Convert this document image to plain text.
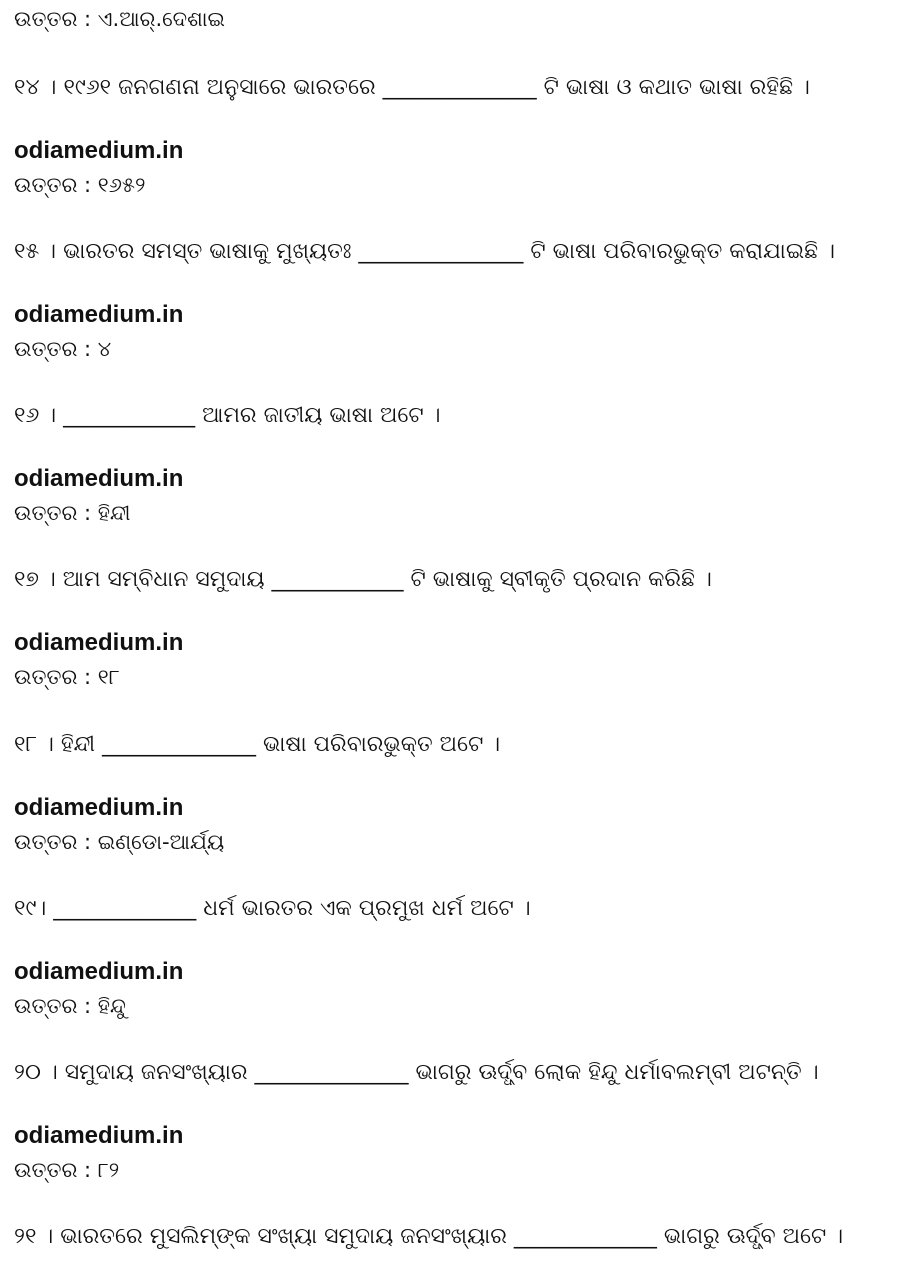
ଉତ୍ତର : ଏ.ଆର୍.ଦେଶାଇ
୧୪ । ୧୯୬୧ ଜନଗଣନା ଅନୁସାରେ ଭାରତରେ ______________ ଟି ଭାଷା ଓ କଥାତ ଭାଷା ରହିଛି ।
odiamedium.in
ଉତ୍ତର : ୧୬୫୨
୧୫ । ଭାରତର ସମସ୍ତ ଭାଷାକୁ ମୁଖ୍ୟତଃ _______________ ଟି ଭାଷା ପରିବାରଭୁକ୍ତ କରାଯାଇଛି ।
odiamedium.in
ଉତ୍ତର : ୪
୧୬ । ____________ ଆମର ଜାତୀୟ ଭାଷା ଅଟେ ।
odiamedium.in
ଉତ୍ତର : ହିନ୍ଦୀ
୧୭ । ଆମ ସମ୍ବିଧାନ ସମୁଦାୟ ____________ ଟି ଭାଷାକୁ ସ୍ବୀକୃତି ପ୍ରଦାନ କରିଛି ।
odiamedium.in
ଉତ୍ତର : ୧୮
୧୮ । ହିନ୍ଦୀ ______________ ଭାଷା ପରିବାରଭୁକ୍ତ ଅଟେ ।
odiamedium.in
ଉତ୍ତର : ଇଣ୍ଡୋ-ଆର୍ଯ୍ୟ
୧୯। _____________ ଧର୍ମ ଭାରତର ଏକ ପ୍ରମୁଖ ଧର୍ମ ଅଟେ ।
odiamedium.in
ଉତ୍ତର : ହିନ୍ଦୁ
୨୦ । ସମୁଦାୟ ଜନସଂଖ୍ୟାର ______________ ଭାଗରୁ ଊର୍ଦ୍ଧ୍ବ ଲୋକ ହିନ୍ଦୁ ଧର୍ମାବଲମ୍ବୀ ଅଟନ୍ତି ।
odiamedium.in
ଉତ୍ତର : ୮୨
୨୧ । ଭାରତରେ ମୁସଲିମ୍ଙ୍କ ସଂଖ୍ୟା ସମୁଦାୟ ଜନସଂଖ୍ୟାର _____________ ଭାଗରୁ ଊର୍ଦ୍ଧ୍ବ ଅଟେ ।
